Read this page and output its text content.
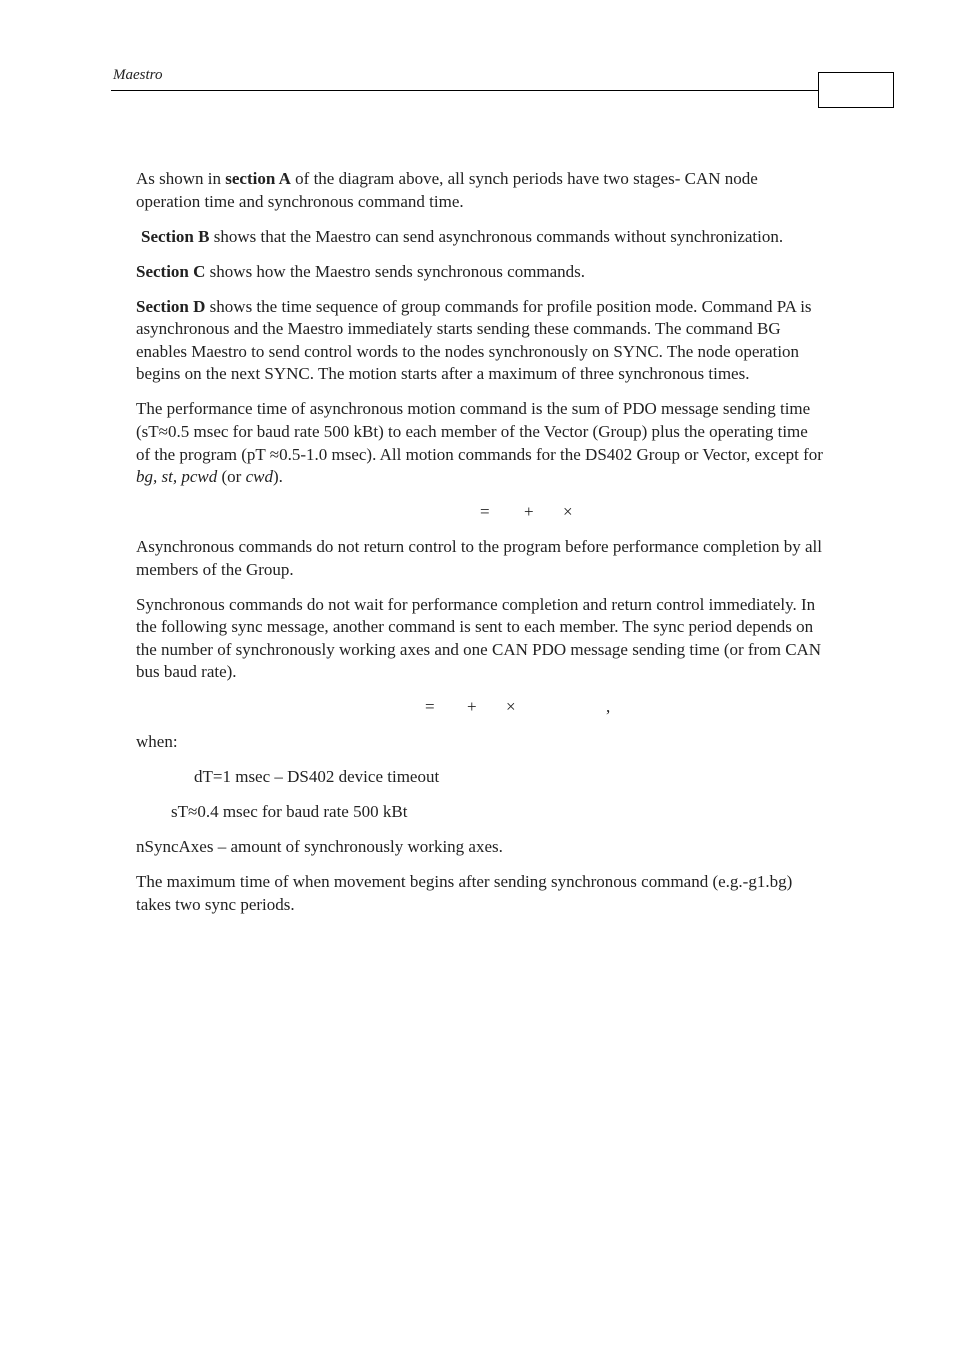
Maestro

As shown in section A of the diagram above, all synch periods have two stages- CAN node operation time and synchronous command time.

Section B shows that the Maestro can send asynchronous commands without synchronization.

Section C shows how the Maestro sends synchronous commands.

Section D shows the time sequence of group commands for profile position mode. Command PA is asynchronous and the Maestro immediately starts sending these commands. The command BG enables Maestro to send control words to the nodes synchronously on SYNC. The node operation begins on the next SYNC. The motion starts after a maximum of three synchronous times.

The performance time of asynchronous motion command is the sum of PDO message sending time (sT≈0.5 msec for baud rate 500 kBt) to each member of the Vector (Group) plus the operating time of the program (pT ≈0.5-1.0 msec). All motion commands for the DS402 Group or Vector, except for bg, st, pcwd (or cwd).

= + ×

Asynchronous commands do not return control to the program before performance completion by all members of the Group.

Synchronous commands do not wait for performance completion and return control immediately. In the following sync message, another command is sent to each member. The sync period depends on the number of synchronously working axes and one CAN PDO message sending time (or from CAN bus baud rate).

= + ×	,

when:

dT=1 msec – DS402 device timeout

sT≈0.4 msec for baud rate 500 kBt

nSyncAxes – amount of synchronously working axes.

The maximum time of when movement begins after sending synchronous command (e.g.-g1.bg) takes two sync periods.
